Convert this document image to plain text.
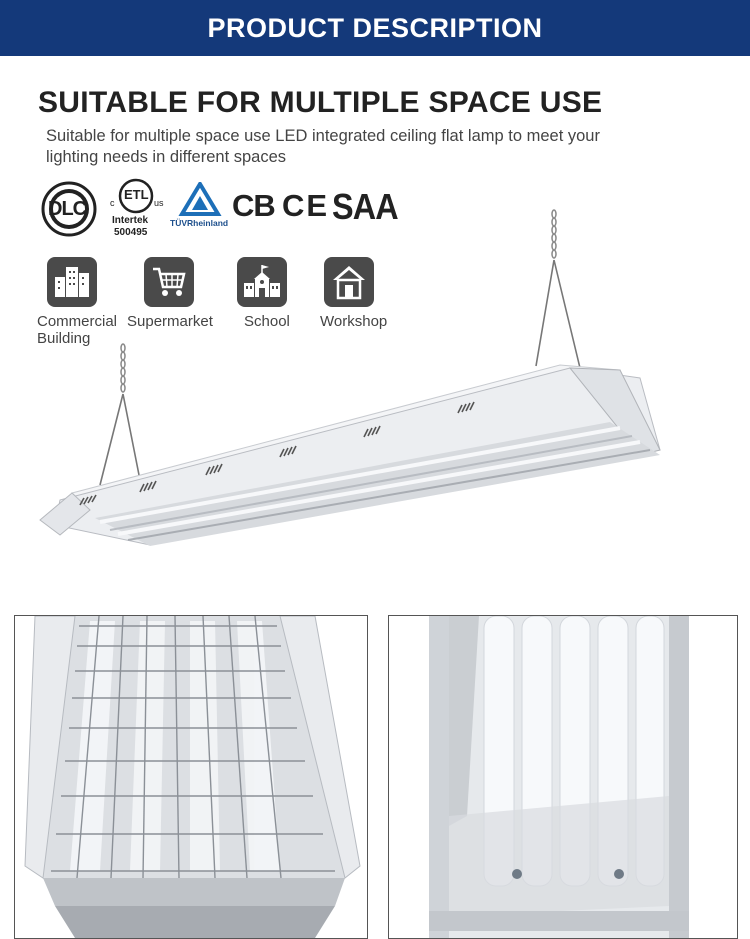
PRODUCT DESCRIPTION
SUITABLE FOR MULTIPLE SPACE USE
Suitable for multiple space use LED integrated ceiling flat lamp to meet your lighting needs in different spaces
DLC
ETL
c	us
Intertek
500495
TÜVRheinland CB CE SAA
Commercial Building
Supermarket School Workshop
